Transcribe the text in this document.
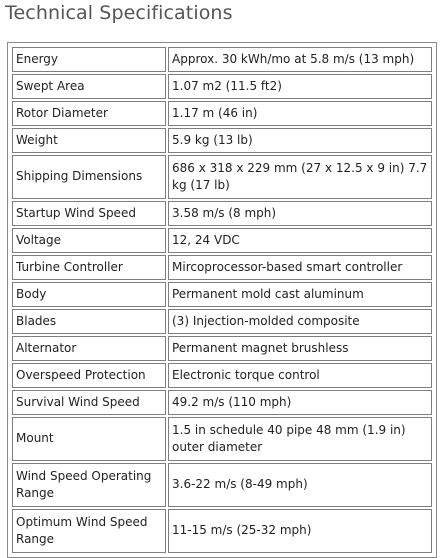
Technical Specifications
Energy	Approx. 30 kWh/mo at 5.8 m/s (13 mph)
Swept Area	1.07 m2 (11.5 ft2)
Rotor Diameter	1.17 m (46 in)
Weight	5.9 kg (13 lb)
Shipping Dimensions	686 x 318 x 229 mm (27 x 12.5 x 9 in) 7.7 kg (17 lb)
Startup Wind Speed	3.58 m/s (8 mph)
Voltage	12, 24 VDC
Turbine Controller	Mircoprocessor-based smart controller
Body	Permanent mold cast aluminum
Blades	(3) Injection-molded composite
Alternator	Permanent magnet brushless
Overspeed Protection	Electronic torque control
Survival Wind Speed	49.2 m/s (110 mph)
Mount	1.5 in schedule 40 pipe 48 mm (1.9 in) outer diameter
Wind Speed Operating Range	3.6-22 m/s (8-49 mph)
Optimum Wind Speed Range	11-15 m/s (25-32 mph)
